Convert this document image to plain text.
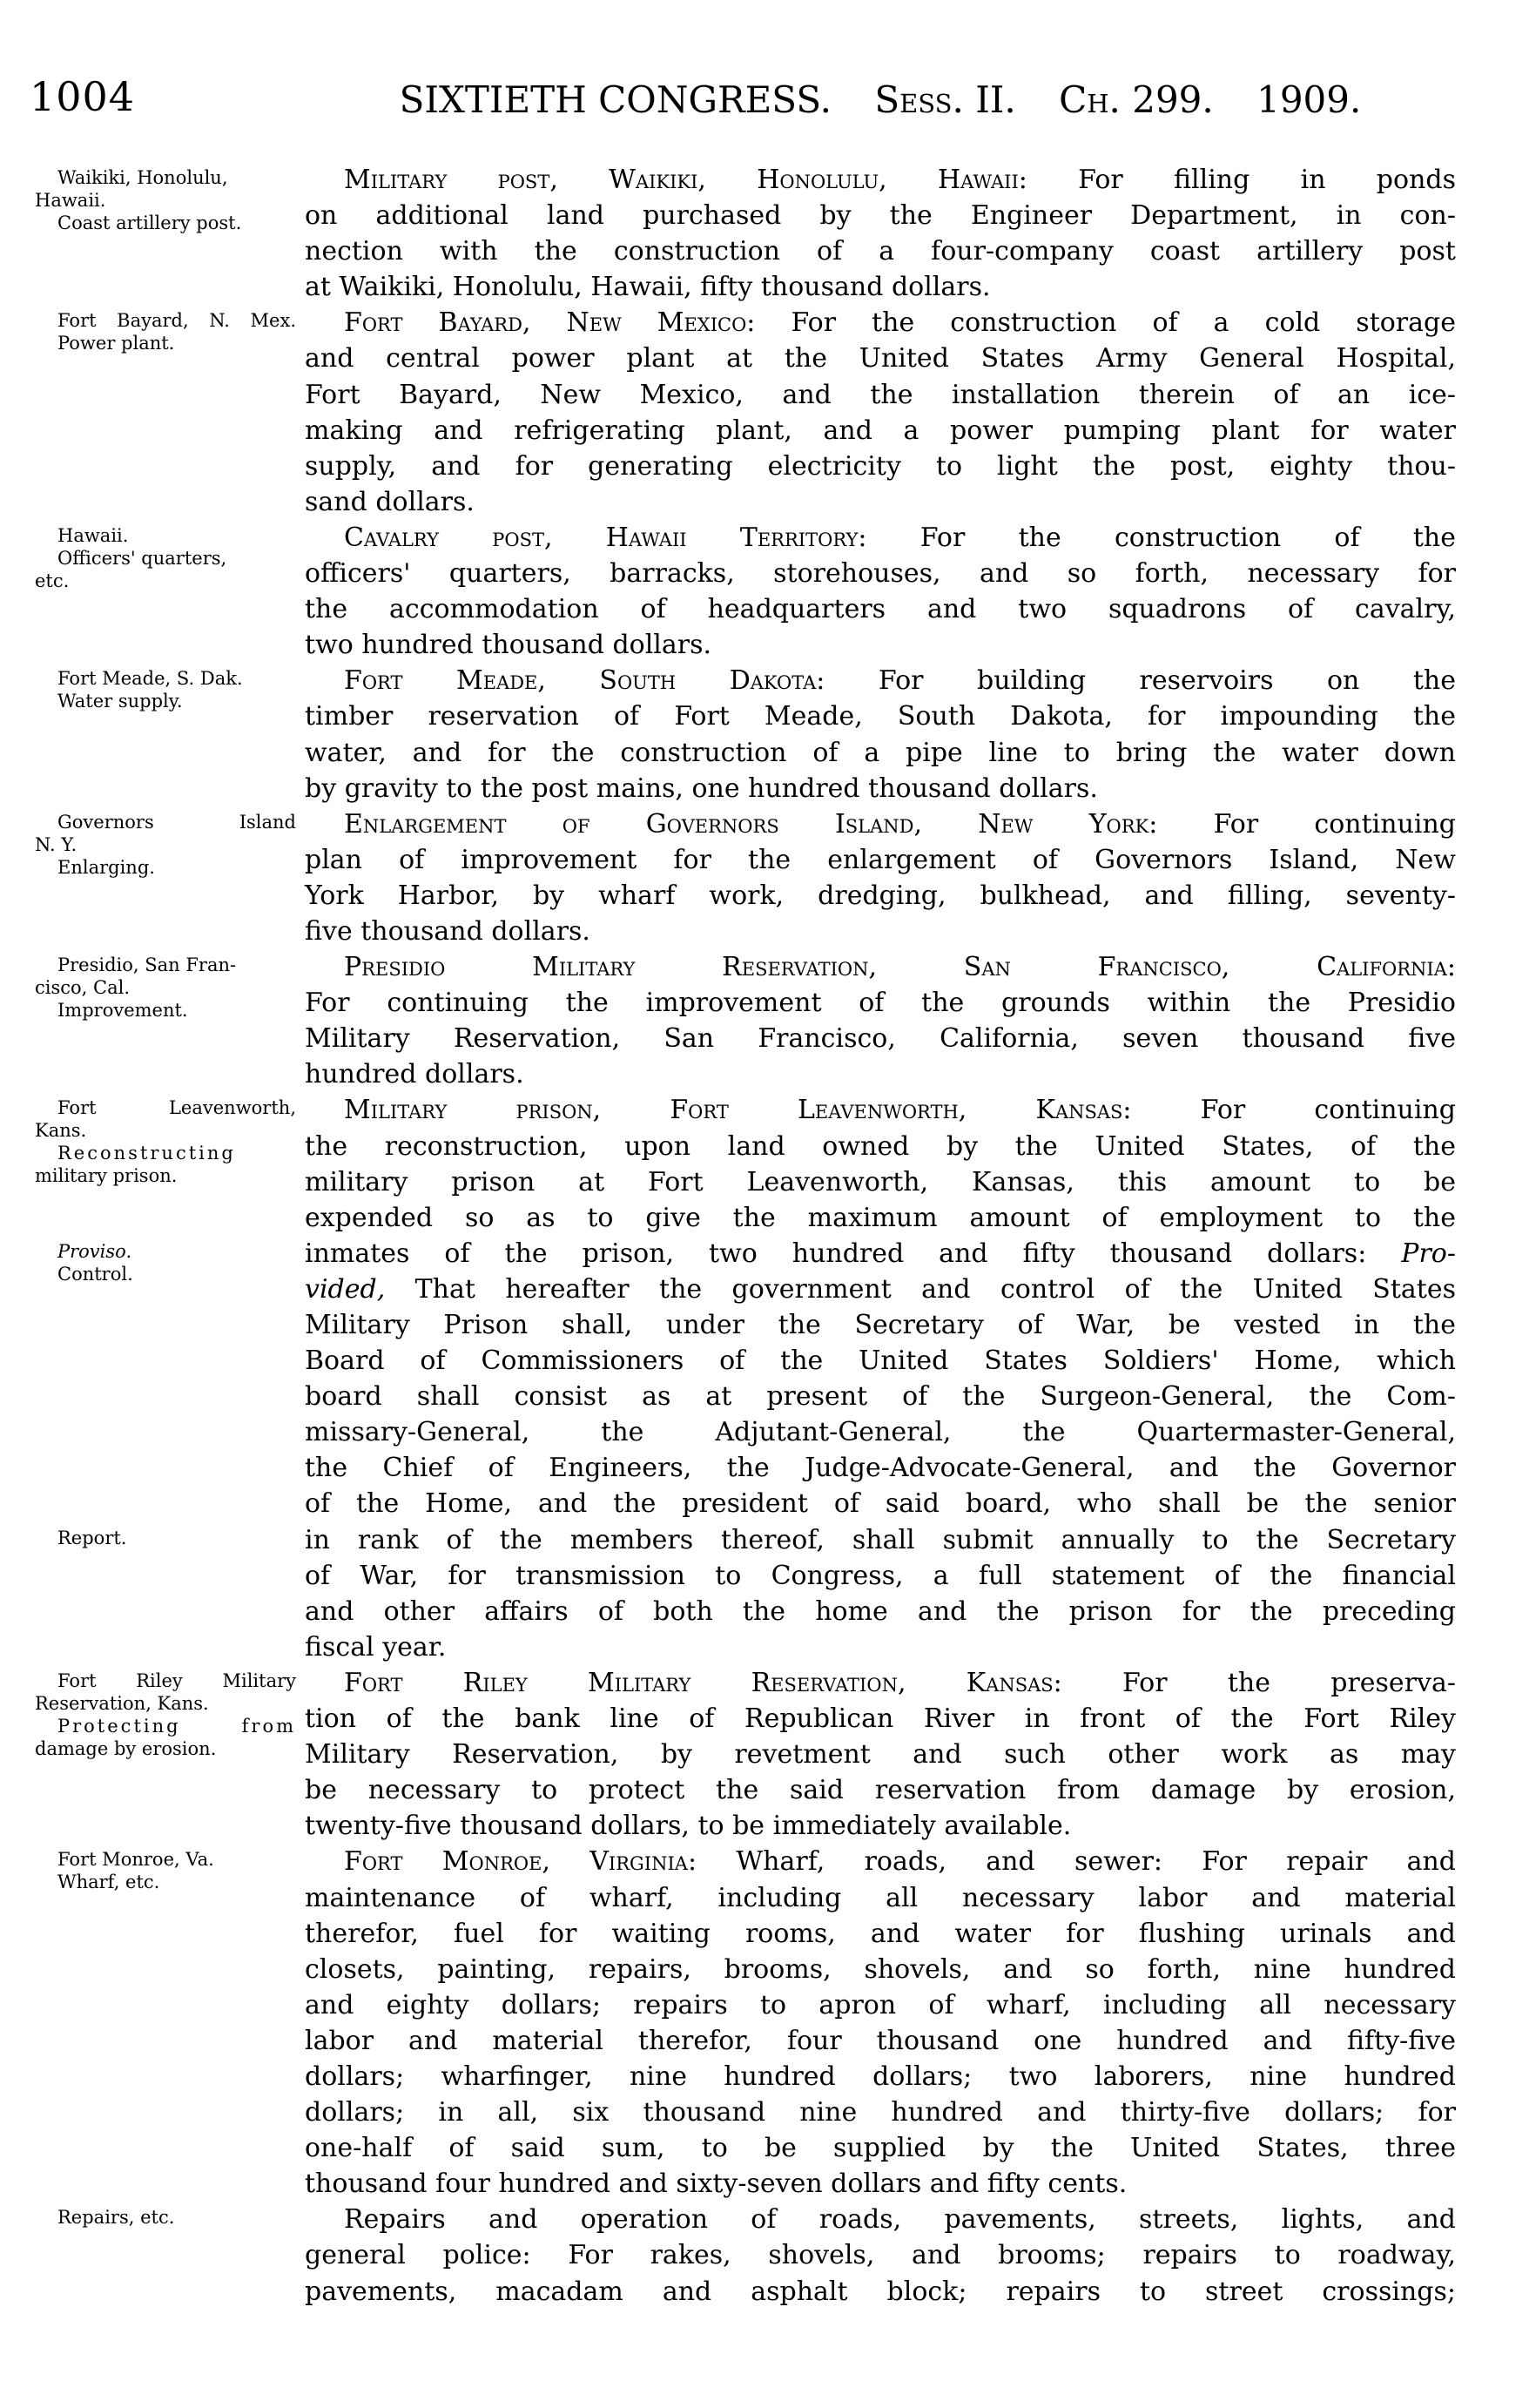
1004	SIXTIETH CONGRESS. Sess. II. Ch. 299. 1909.
Waikiki, Honolulu,
Hawaii.
Coast artillery post.
Military post, Waikiki, Honolulu, Hawaii: For filling in ponds
on additional land purchased by the Engineer Department, in con-
nection with the construction of a four-company coast artillery post
at Waikiki, Honolulu, Hawaii, fifty thousand dollars.
Fort Bayard, N. Mex.
Power plant.
Fort Bayard, New Mexico: For the construction of a cold storage
and central power plant at the United States Army General Hospital,
Fort Bayard, New Mexico, and the installation therein of an ice-
making and refrigerating plant, and a power pumping plant for water
supply, and for generating electricity to light the post, eighty thou-
sand dollars.
Hawaii.
Officers' quarters,
etc.
Cavalry post, Hawaii Territory: For the construction of the
officers' quarters, barracks, storehouses, and so forth, necessary for
the accommodation of headquarters and two squadrons of cavalry,
two hundred thousand dollars.
Fort Meade, S. Dak.
Water supply.
Fort Meade, South Dakota: For building reservoirs on the
timber reservation of Fort Meade, South Dakota, for impounding the
water, and for the construction of a pipe line to bring the water down
by gravity to the post mains, one hundred thousand dollars.
Governors Island
N. Y.
Enlarging.
Enlargement of Governors Island, New York: For continuing
plan of improvement for the enlargement of Governors Island, New
York Harbor, by wharf work, dredging, bulkhead, and filling, seventy-
five thousand dollars.
Presidio, San Fran-
cisco, Cal.
Improvement.
Presidio Military Reservation, San Francisco, California:
For continuing the improvement of the grounds within the Presidio
Military Reservation, San Francisco, California, seven thousand five
hundred dollars.
Fort Leavenworth,
Kans.
Reconstructing
military prison.
Proviso.
Control.
Report.
Military prison, Fort Leavenworth, Kansas: For continuing
the reconstruction, upon land owned by the United States, of the
military prison at Fort Leavenworth, Kansas, this amount to be
expended so as to give the maximum amount of employment to the
inmates of the prison, two hundred and fifty thousand dollars: Pro-
vided, That hereafter the government and control of the United States
Military Prison shall, under the Secretary of War, be vested in the
Board of Commissioners of the United States Soldiers' Home, which
board shall consist as at present of the Surgeon-General, the Com-
missary-General, the Adjutant-General, the Quartermaster-General,
the Chief of Engineers, the Judge-Advocate-General, and the Governor
of the Home, and the president of said board, who shall be the senior
in rank of the members thereof, shall submit annually to the Secretary
of War, for transmission to Congress, a full statement of the financial
and other affairs of both the home and the prison for the preceding
fiscal year.
Fort Riley Military
Reservation, Kans.
Protecting from
damage by erosion.
Fort Riley Military Reservation, Kansas: For the preserva-
tion of the bank line of Republican River in front of the Fort Riley
Military Reservation, by revetment and such other work as may
be necessary to protect the said reservation from damage by erosion,
twenty-five thousand dollars, to be immediately available.
Fort Monroe, Va.
Wharf, etc.
Fort Monroe, Virginia: Wharf, roads, and sewer: For repair and
maintenance of wharf, including all necessary labor and material
therefor, fuel for waiting rooms, and water for flushing urinals and
closets, painting, repairs, brooms, shovels, and so forth, nine hundred
and eighty dollars; repairs to apron of wharf, including all necessary
labor and material therefor, four thousand one hundred and fifty-five
dollars; wharfinger, nine hundred dollars; two laborers, nine hundred
dollars; in all, six thousand nine hundred and thirty-five dollars; for
one-half of said sum, to be supplied by the United States, three
thousand four hundred and sixty-seven dollars and fifty cents.
Repairs, etc.	Repairs and operation of roads, pavements, streets, lights, and
general police: For rakes, shovels, and brooms; repairs to roadway,
pavements, macadam and asphalt block; repairs to street crossings;
